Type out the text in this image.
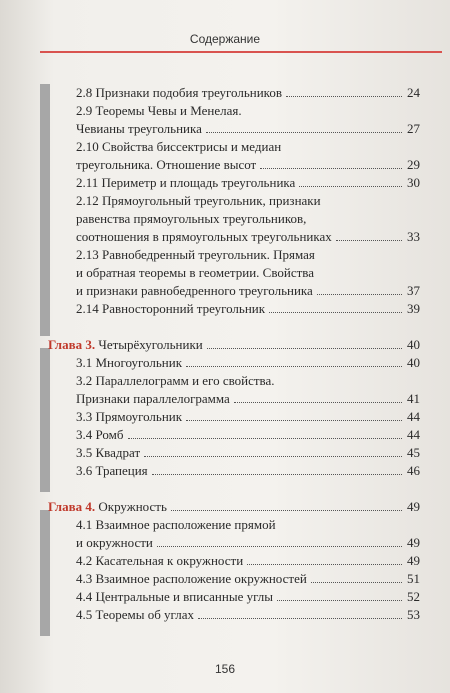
Содержание
2.8 Признаки подобия треугольников	24
2.9 Теоремы Чевы и Менелая.
Чевианы треугольника	27
2.10 Свойства биссектрисы и медиан
треугольника. Отношение высот	29
2.11 Периметр и площадь треугольника	30
2.12 Прямоугольный треугольник, признаки
равенства прямоугольных треугольников,
соотношения в прямоугольных треугольниках	33
2.13 Равнобедренный треугольник. Прямая
и обратная теоремы в геометрии. Свойства
и признаки равнобедренного треугольника	37
2.14 Равносторонний треугольник	39
Глава 3. Четырёхугольники	40
3.1 Многоугольник	40
3.2 Параллелограмм и его свойства.
Признаки параллелограмма	41
3.3 Прямоугольник	44
3.4 Ромб	44
3.5 Квадрат	45
3.6 Трапеция	46
Глава 4. Окружность	49
4.1 Взаимное расположение прямой
и окружности	49
4.2 Касательная к окружности	49
4.3 Взаимное расположение окружностей	51
4.4 Центральные и вписанные углы	52
4.5 Теоремы об углах	53
156
